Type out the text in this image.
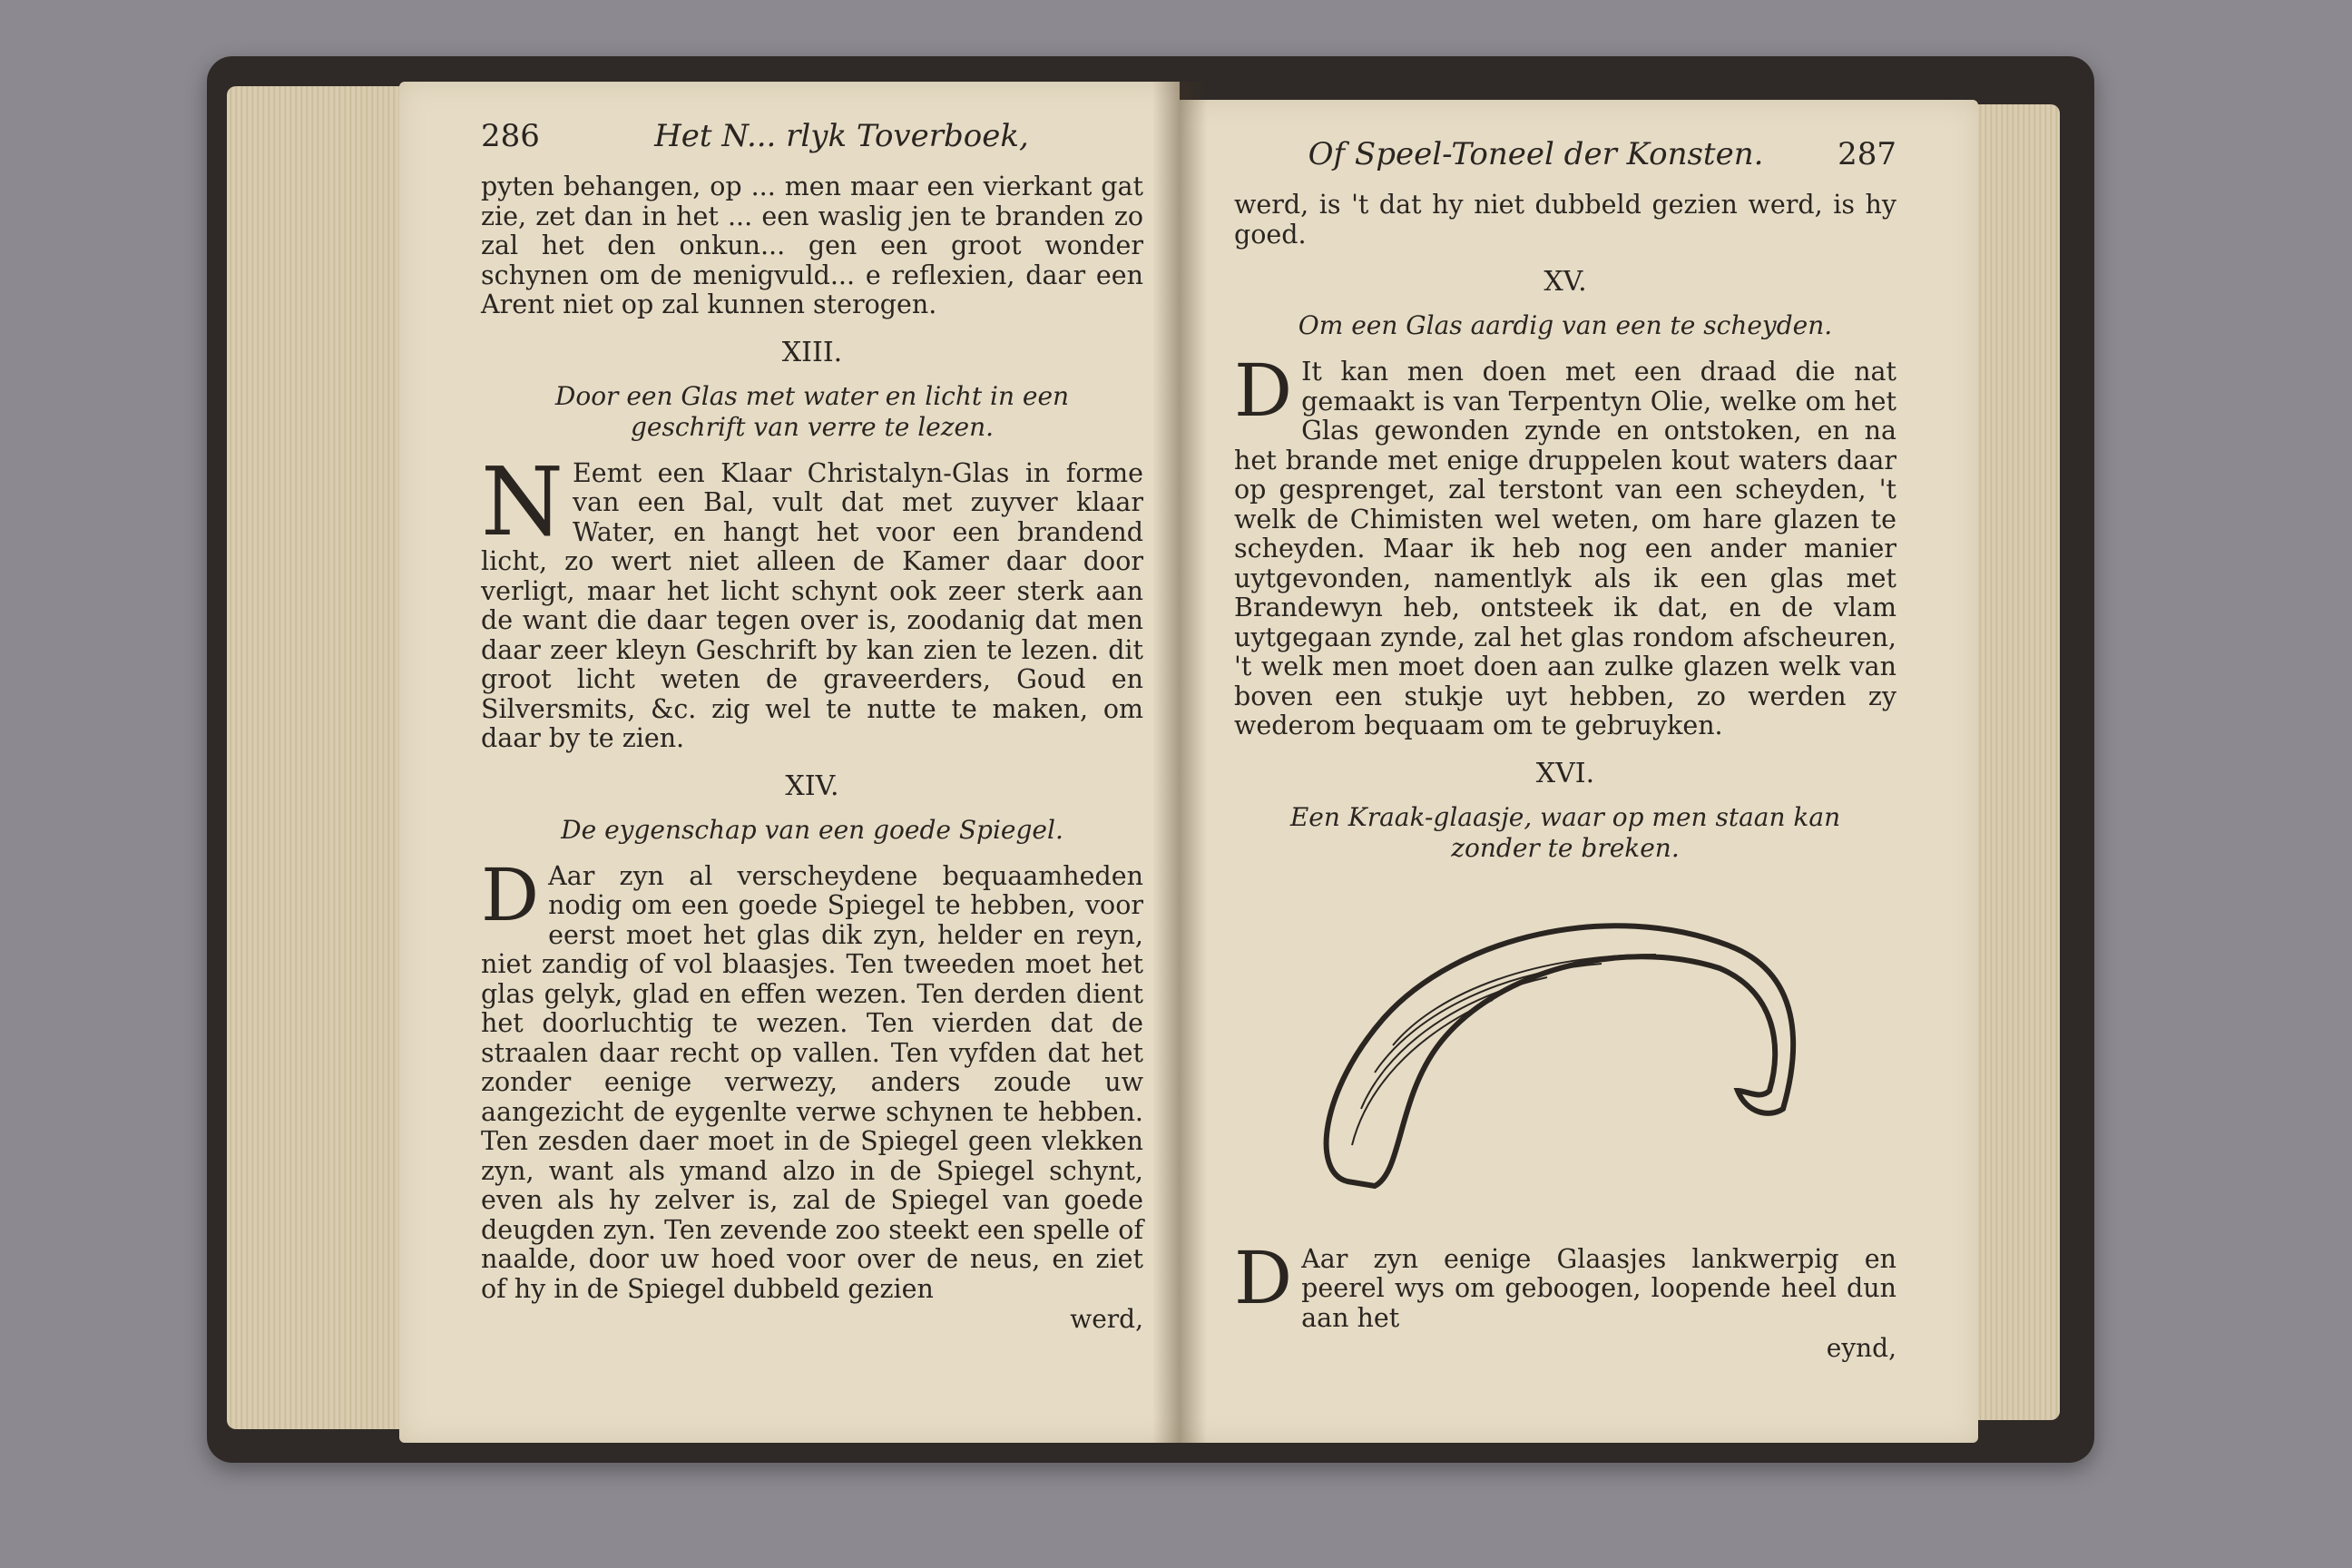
286	Het N... rlyk Toverboek,

pyten behangen, op ... men maar een vierkant gat zie, zet dan in het ... een waslig jen te branden zo zal het den onkun... gen een groot wonder schynen om de menigvuld... e reflexien, daar een Arent niet op zal kunnen sterogen.

XIII.
Door een Glas met water en licht in een geschrift van verre te lezen.

N Eemt een Klaar Christalyn-Glas in forme van een Bal, vult dat met zuyver klaar Water, en hangt het voor een brandend licht, zo wert niet alleen de Kamer daar door verligt, maar het licht schynt ook zeer sterk aan de want die daar tegen over is, zoodanig dat men daar zeer kleyn Geschrift by kan zien te lezen. dit groot licht weten de graveerders, Goud en Silversmits, &c. zig wel te nutte te maken, om daar by te zien.

XIV.
De eygenschap van een goede Spiegel.

D Aar zyn al verscheydene bequaamheden nodig om een goede Spiegel te hebben, voor eerst moet het glas dik zyn, helder en reyn, niet zandig of vol blaasjes. Ten tweeden moet het glas gelyk, glad en effen wezen. Ten derden dient het doorluchtig te wezen. Ten vierden dat de straalen daar recht op vallen. Ten vyfden dat het zonder eenige verwezy, anders zoude uw aangezicht de eygenlte verwe schynen te hebben. Ten zesden daer moet in de Spiegel geen vlekken zyn, want als ymand alzo in de Spiegel schynt, even als hy zelver is, zal de Spiegel van goede deugden zyn. Ten zevende zoo steekt een spelle of naalde, door uw hoed voor over de neus, en ziet of hy in de Spiegel dubbeld gezien

werd,
Of Speel-Toneel der Konsten. 287

werd, is 't dat hy niet dubbeld gezien werd, is hy goed.

XV.
Om een Glas aardig van een te scheyden.

D It kan men doen met een draad die nat gemaakt is van Terpentyn Olie, welke om het Glas gewonden zynde en ontstoken, en na het brande met enige druppelen kout waters daar op gesprenget, zal terstont van een scheyden, 't welk de Chimisten wel weten, om hare glazen te scheyden. Maar ik heb nog een ander manier uytgevonden, namentlyk als ik een glas met Brandewyn heb, ontsteek ik dat, en de vlam uytgegaan zynde, zal het glas rondom afscheuren, 't welk men moet doen aan zulke glazen welk van boven een stukje uyt hebben, zo werden zy wederom bequaam om te gebruyken.

XVI.
Een Kraak-glaasje, waar op men staan kan zonder te breken.

D Aar zyn eenige Glaasjes lankwerpig en peerel wys om geboogen, loopende heel dun aan het

eynd,
